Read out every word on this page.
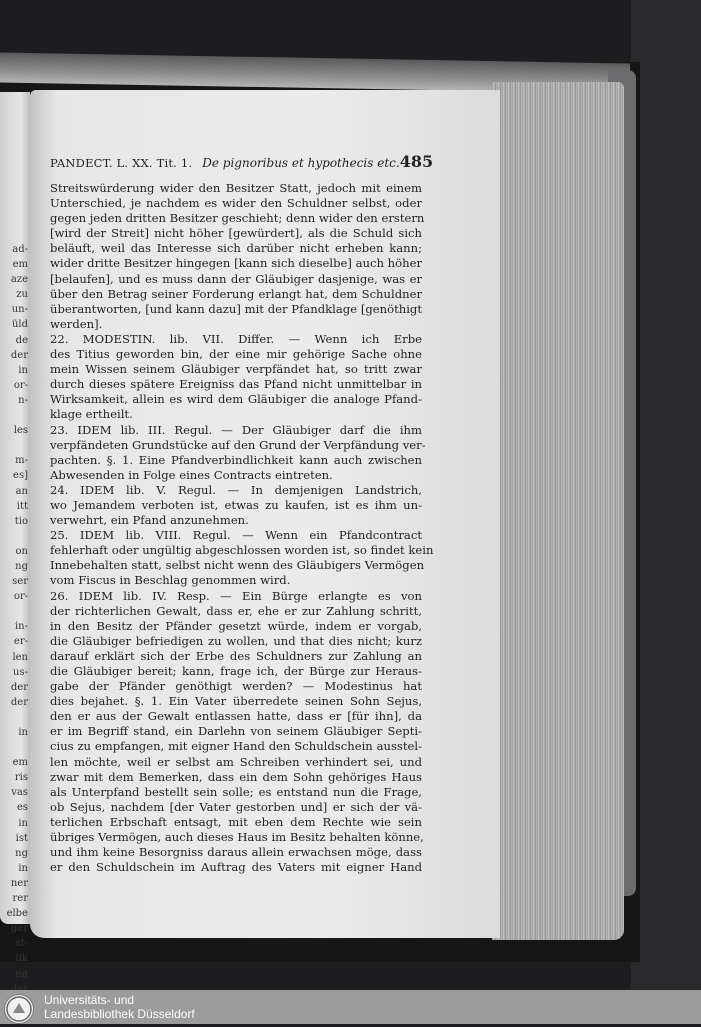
ad-
em
aze
zu
un-
üld
de
der
in
or-
n-
les
m-
es]
an
itt
tio
on
ng
ser
or-
in-
er-
len
us-
der
der
in
em
ris
vas
es
in
ist
ng
in
ner
rer
elbe
ger
st-
lik
ng
PANDECT. L. XX. Tit. 1. De pignoribus et hypothecis etc. 485
Streitswürderung wider den Besitzer Statt, jedoch mit einem
Unterschied, je nachdem es wider den Schuldner selbst, oder
gegen jeden dritten Besitzer geschieht; denn wider den erstern
[wird der Streit] nicht höher [gewürdert], als die Schuld sich
beläuft, weil das Interesse sich darüber nicht erheben kann;
wider dritte Besitzer hingegen [kann sich dieselbe] auch höher
[belaufen], und es muss dann der Gläubiger dasjenige, was er
über den Betrag seiner Forderung erlangt hat, dem Schuldner
überantworten, [und kann dazu] mit der Pfandklage [genöthigt
werden].
22. MODESTIN. lib. VII. Differ. — Wenn ich Erbe
des Titius geworden bin, der eine mir gehörige Sache ohne
mein Wissen seinem Gläubiger verpfändet hat, so tritt zwar
durch dieses spätere Ereigniss das Pfand nicht unmittelbar in
Wirksamkeit, allein es wird dem Gläubiger die analoge Pfand-
klage ertheilt.
23. IDEM lib. III. Regul. — Der Gläubiger darf die ihm
verpfändeten Grundstücke auf den Grund der Verpfändung ver-
pachten. §. 1. Eine Pfandverbindlichkeit kann auch zwischen
Abwesenden in Folge eines Contracts eintreten.
24. IDEM lib. V. Regul. — In demjenigen Landstrich,
wo Jemandem verboten ist, etwas zu kaufen, ist es ihm un-
verwehrt, ein Pfand anzunehmen.
25. IDEM lib. VIII. Regul. — Wenn ein Pfandcontract
fehlerhaft oder ungültig abgeschlossen worden ist, so findet kein
Innebehalten statt, selbst nicht wenn des Gläubigers Vermögen
vom Fiscus in Beschlag genommen wird.
26. IDEM lib. IV. Resp. — Ein Bürge erlangte es von
der richterlichen Gewalt, dass er, ehe er zur Zahlung schritt,
in den Besitz der Pfänder gesetzt würde, indem er vorgab,
die Gläubiger befriedigen zu wollen, und that dies nicht; kurz
darauf erklärt sich der Erbe des Schuldners zur Zahlung an
die Gläubiger bereit; kann, frage ich, der Bürge zur Heraus-
gabe der Pfänder genöthigt werden? — Modestinus hat
dies bejahet. §. 1. Ein Vater überredete seinen Sohn Sejus,
den er aus der Gewalt entlassen hatte, dass er [für ihn], da
er im Begriff stand, ein Darlehn von seinem Gläubiger Septi-
cius zu empfangen, mit eigner Hand den Schuldschein ausstel-
len möchte, weil er selbst am Schreiben verhindert sei, und
zwar mit dem Bemerken, dass ein dem Sohn gehöriges Haus
als Unterpfand bestellt sein solle; es entstand nun die Frage,
ob Sejus, nachdem [der Vater gestorben und] er sich der vä-
terlichen Erbschaft entsagt, mit eben dem Rechte wie sein
übriges Vermögen, auch dieses Haus im Besitz behalten könne,
und ihm keine Besorgniss daraus allein erwachsen möge, dass
er den Schuldschein im Auftrag des Vaters mit eigner Hand
Universitäts- und
Landesbibliothek Düsseldorf
